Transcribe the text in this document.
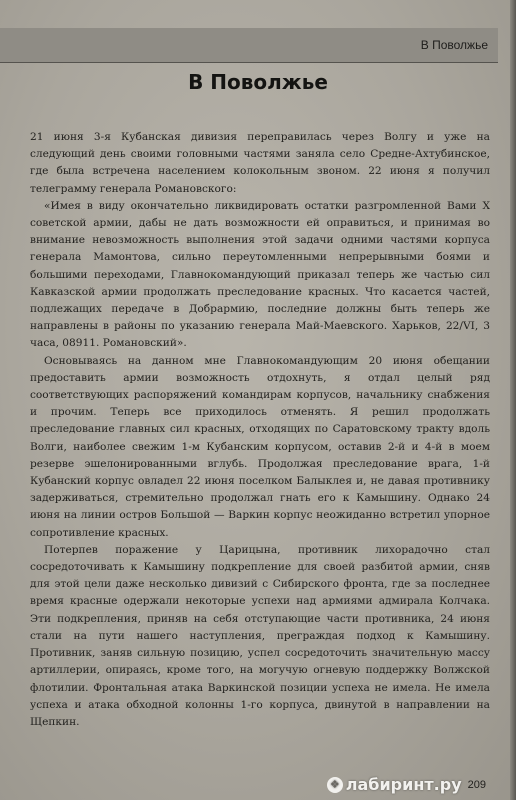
В Поволжье
В Поволжье

21 июня 3-я Кубанская дивизия переправилась через Волгу и уже на следующий день своими головными частями заняла село Средне-Ахтубинское, где была встречена населением колокольным звоном. 22 июня я получил телеграмму генерала Романовского:

«Имея в виду окончательно ликвидировать остатки разгромленной Вами X советской армии, дабы не дать возможности ей оправиться, и принимая во внимание невозможность выполнения этой задачи одними частями корпуса генерала Мамонтова, сильно переутомленными непрерывными боями и большими переходами, Главнокомандующий приказал теперь же частью сил Кавказской армии продолжать преследование красных. Что касается частей, подлежащих передаче в Добрармию, последние должны быть теперь же направлены в районы по указанию генерала Май-Маевского. Харьков, 22/VI, 3 часа, 08911. Романовский».

Основываясь на данном мне Главнокомандующим 20 июня обещании предоставить армии возможность отдохнуть, я отдал целый ряд соответствующих распоряжений командирам корпусов, начальнику снабжения и прочим. Теперь все приходилось отменять. Я решил продолжать преследование главных сил красных, отходящих по Саратовскому тракту вдоль Волги, наиболее свежим 1-м Кубанским корпусом, оставив 2-й и 4-й в моем резерве эшелонированными вглубь. Продолжая преследование врага, 1-й Кубанский корпус овладел 22 июня поселком Балыклея и, не давая противнику задерживаться, стремительно продолжал гнать его к Камышину. Однако 24 июня на линии остров Большой — Варкин корпус неожиданно встретил упорное сопротивление красных.

Потерпев поражение у Царицына, противник лихорадочно стал сосредоточивать к Камышину подкрепление для своей разбитой армии, сняв для этой цели даже несколько дивизий с Сибирского фронта, где за последнее время красные одержали некоторые успехи над армиями адмирала Колчака. Эти подкрепления, приняв на себя отступающие части противника, 24 июня стали на пути нашего наступления, преграждая подход к Камышину. Противник, заняв сильную позицию, успел сосредоточить значительную массу артиллерии, опираясь, кроме того, на могучую огневую поддержку Волжской флотилии. Фронтальная атака Варкинской позиции успеха не имела. Не имела успеха и атака обходной колонны 1-го корпуса, двинутой в направлении на Щепкин.

❖ лабиринт.ру 209
